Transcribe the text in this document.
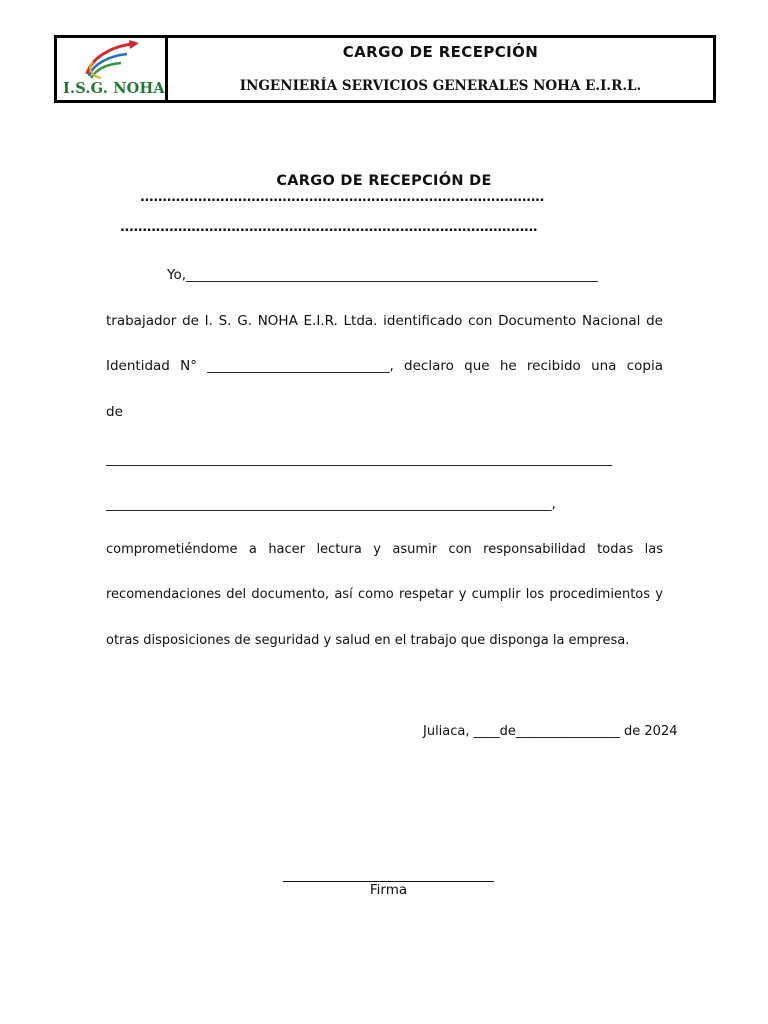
I.S.G. NOHA
CARGO DE RECEPCIÓN
INGENIERÍA SERVICIOS GENERALES NOHA E.I.R.L.
CARGO DE RECEPCIÓN DE
...........................................................................................
..............................................................................................
Yo,_____________________________________________________________
trabajador de I. S. G. NOHA E.I.R. Ltda. identificado con Documento Nacional de
Identidad N° ___________________________, declaro que he recibido una copia
de
___________________________________________________________________________
__________________________________________________________________,
comprometiéndome a hacer lectura y asumir con responsabilidad todas las
recomendaciones del documento, así como respetar y cumplir los procedimientos y
otras disposiciones de seguridad y salud en el trabajo que disponga la empresa.
Juliaca, ____de________________ de 2024
Firma
